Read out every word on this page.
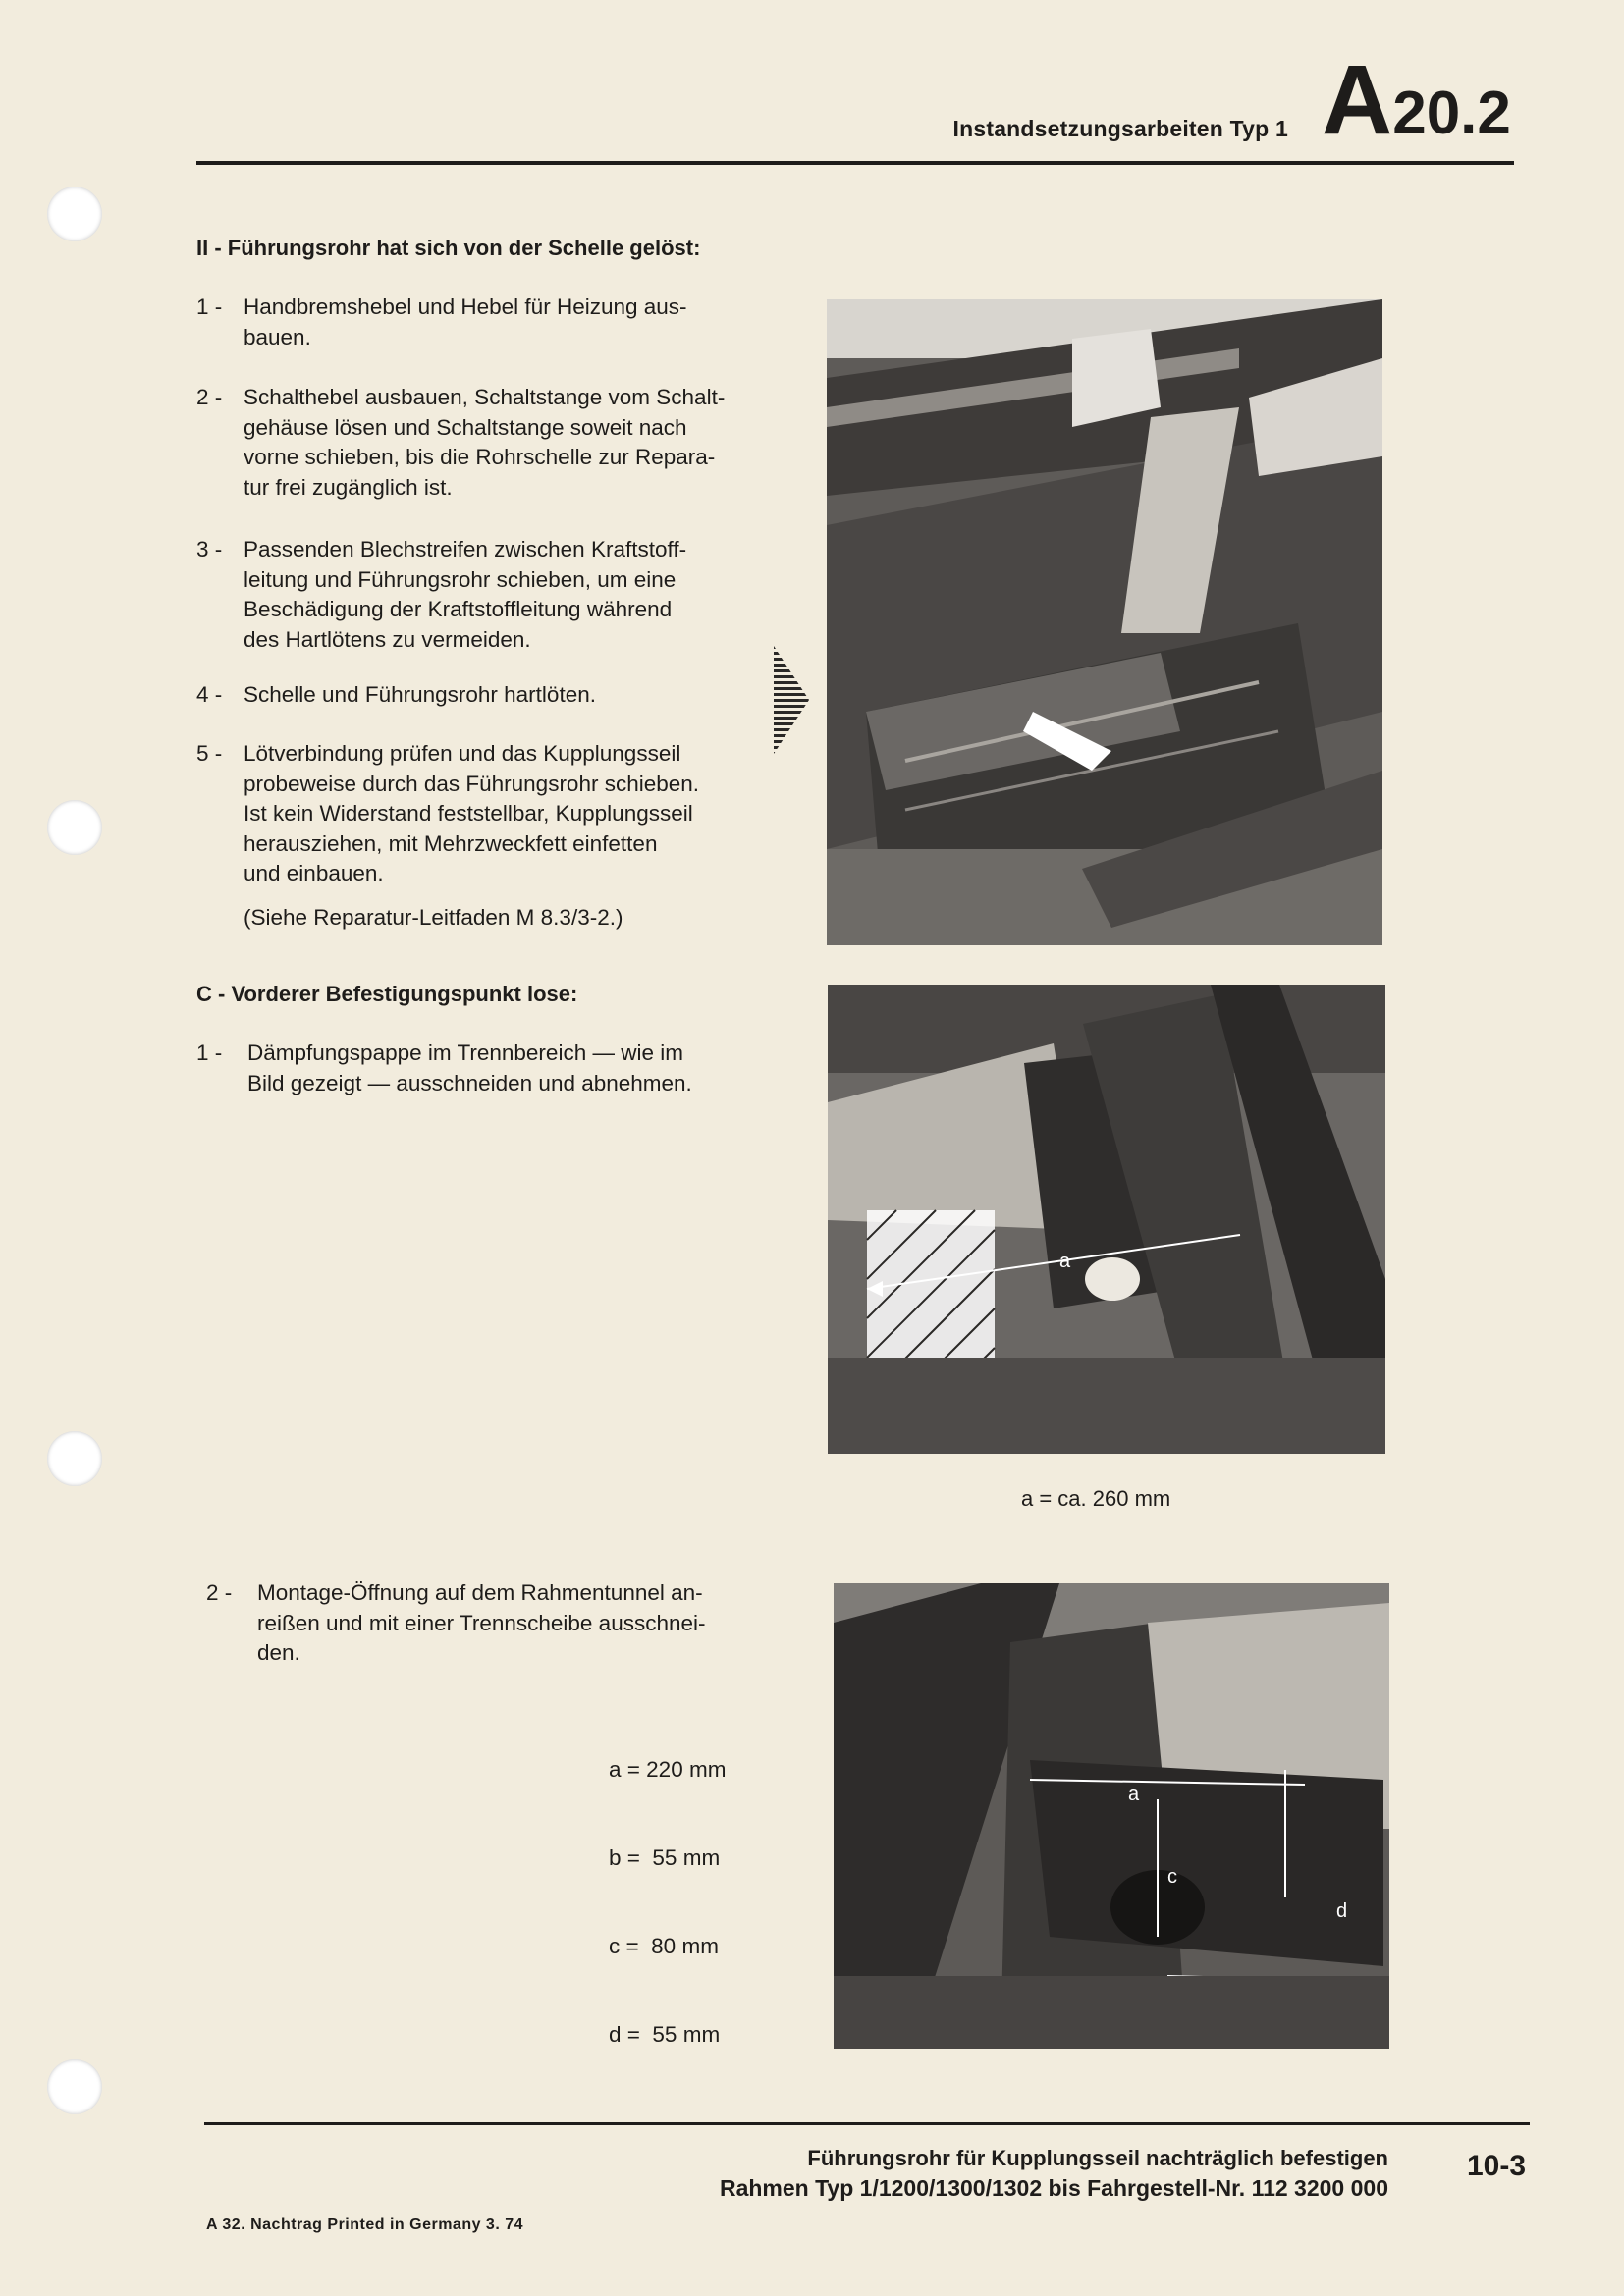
Instandsetzungsarbeiten Typ 1 A20.2
II - Führungsrohr hat sich von der Schelle gelöst:
1 - Handbremshebel und Hebel für Heizung aus-
bauen.
2 - Schalthebel ausbauen, Schaltstange vom Schalt-
gehäuse lösen und Schaltstange soweit nach
vorne schieben, bis die Rohrschelle zur Repara-
tur frei zugänglich ist.
3 - Passenden Blechstreifen zwischen Kraftstoff-
leitung und Führungsrohr schieben, um eine
Beschädigung der Kraftstoffleitung während
des Hartlötens zu vermeiden.
4 - Schelle und Führungsrohr hartlöten.
5 - Lötverbindung prüfen und das Kupplungsseil
probeweise durch das Führungsrohr schieben.
Ist kein Widerstand feststellbar, Kupplungsseil
herausziehen, mit Mehrzweckfett einfetten
und einbauen.
(Siehe Reparatur-Leitfaden M 8.3/3-2.)
C - Vorderer Befestigungspunkt lose:
1 - Dämpfungspappe im Trennbereich — wie im
Bild gezeigt — ausschneiden und abnehmen.
2 - Montage-Öffnung auf dem Rahmentunnel an-
reißen und mit einer Trennscheibe ausschnei-
den.

a = 220 mm

b =  55 mm

c =  80 mm

d =  55 mm

a
a = ca. 260 mm
a
c
d
Führungsrohr für Kupplungsseil nachträglich befestigen
Rahmen Typ 1/1200/1300/1302 bis Fahrgestell-Nr. 112 3200 000
10-3
A 32. Nachtrag Printed in Germany 3. 74
